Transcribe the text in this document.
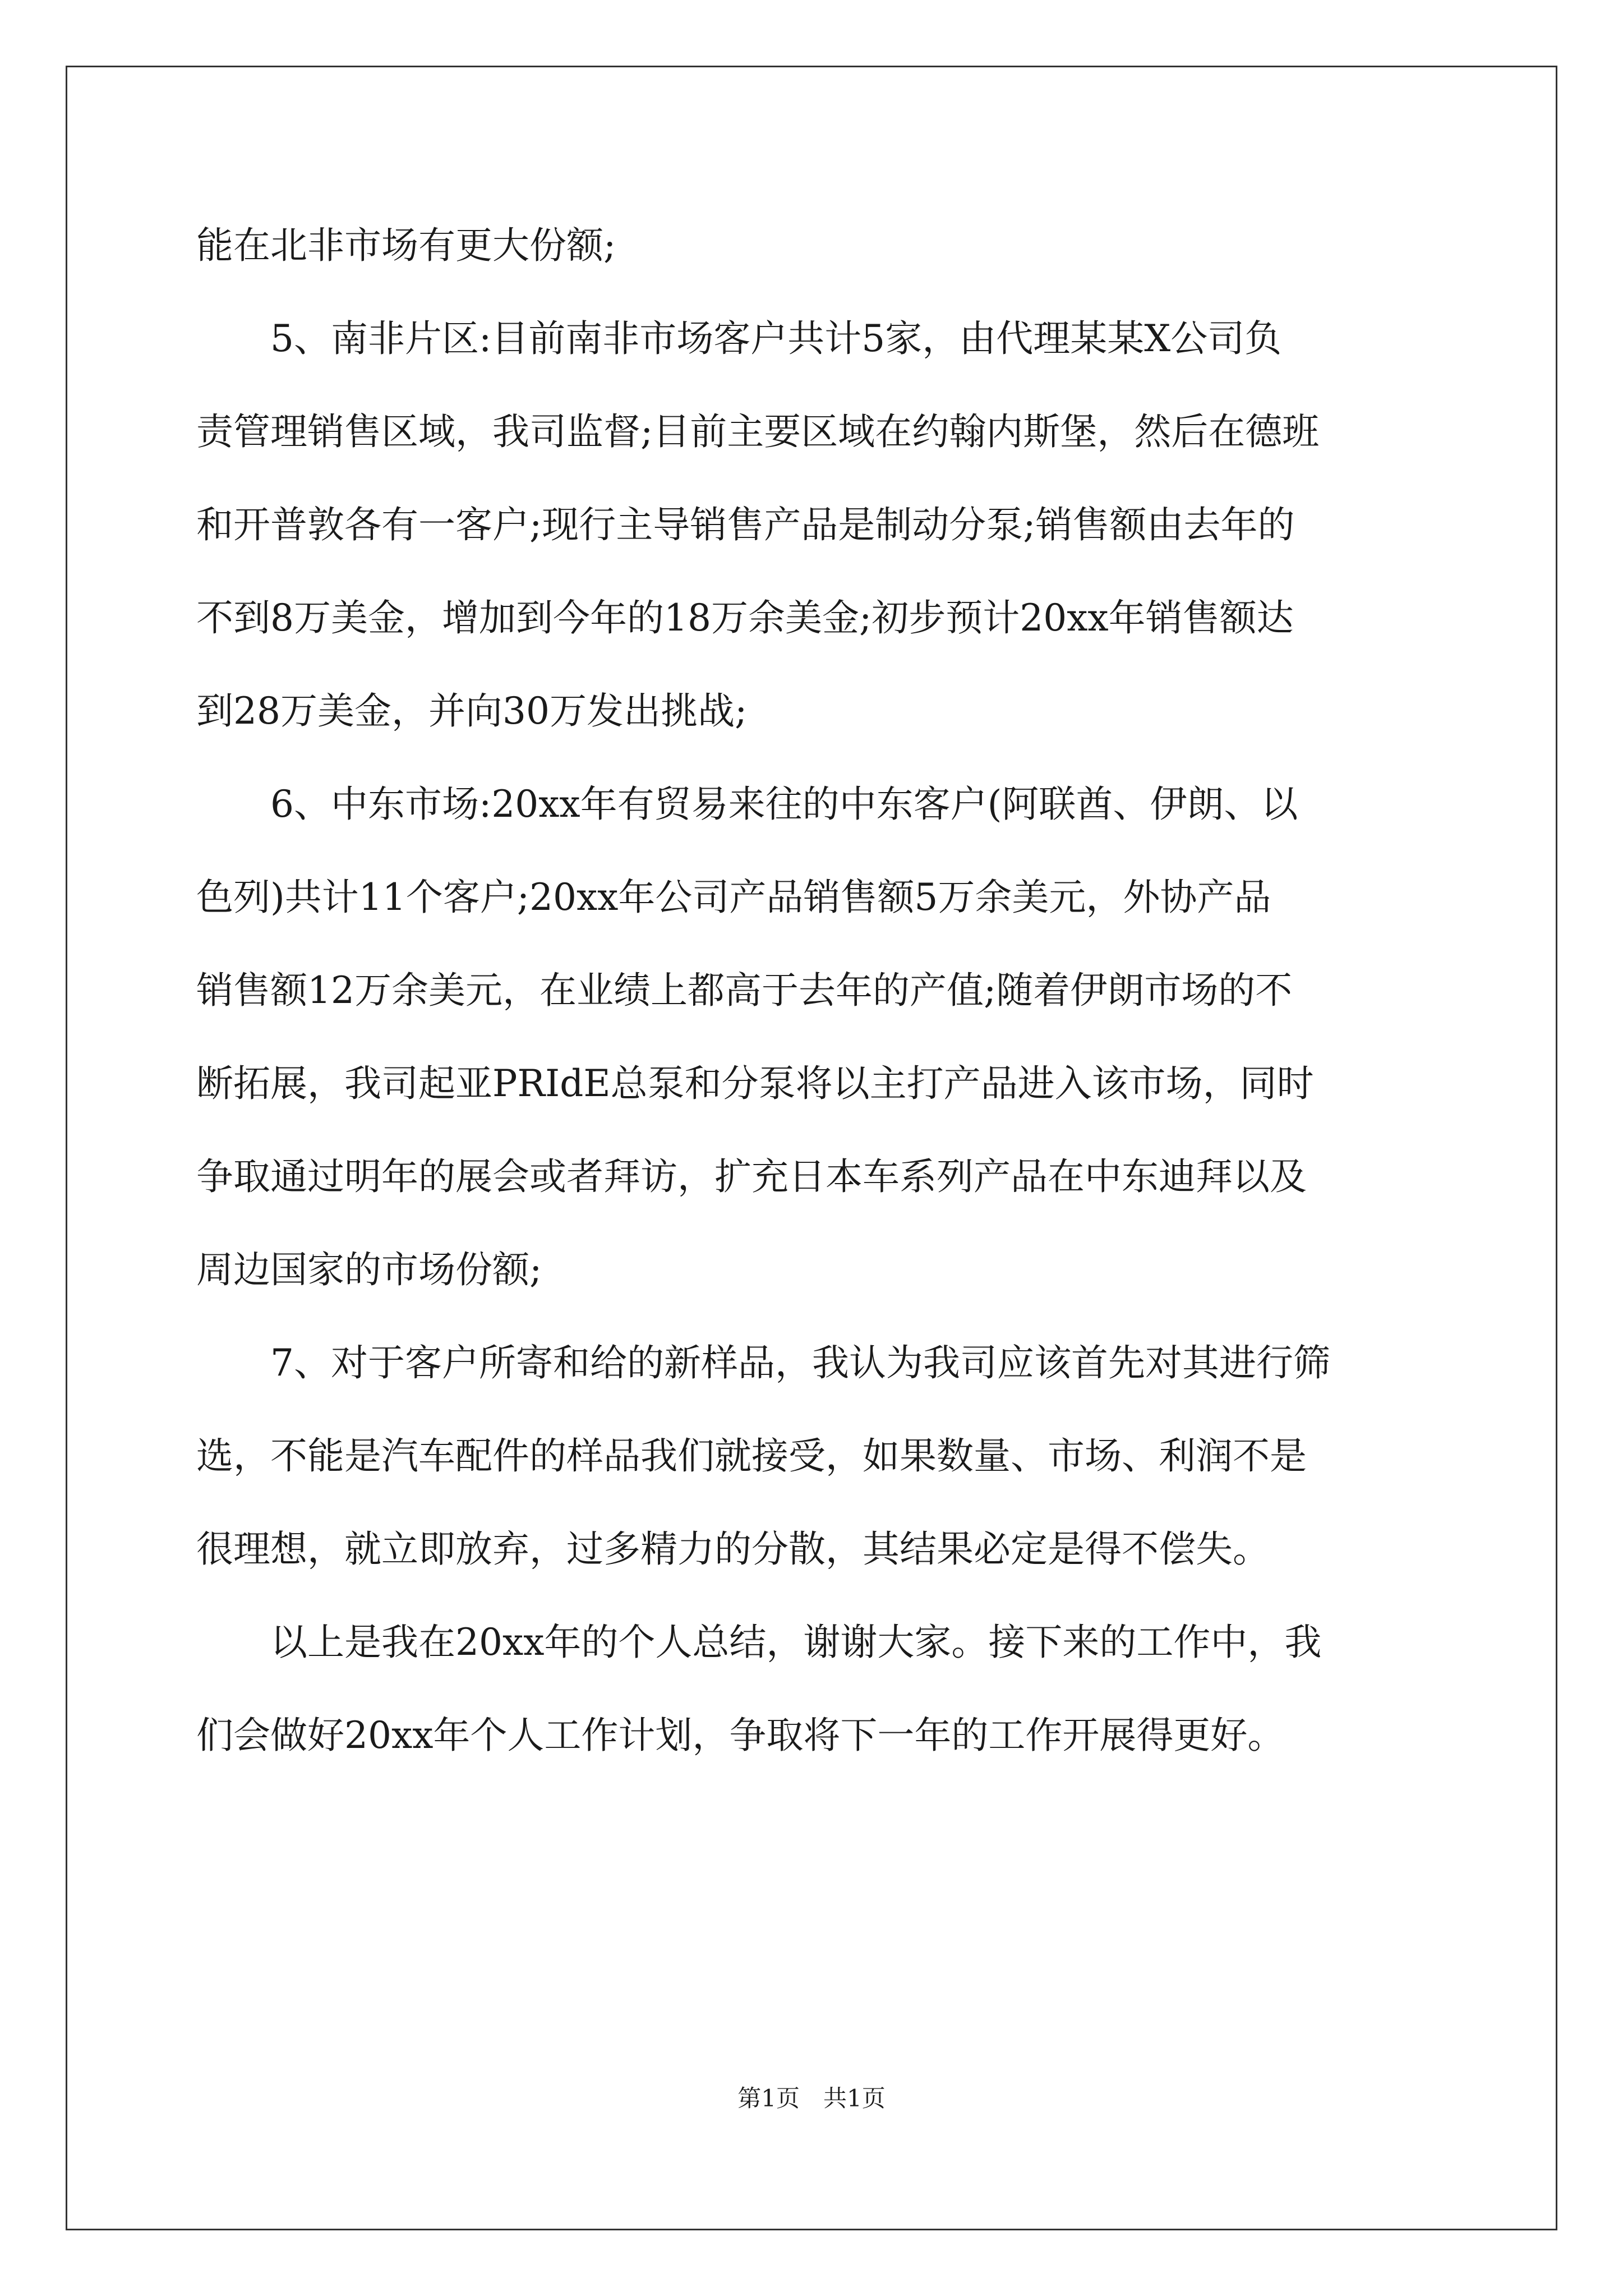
能在北非市场有更大份额;

5、南非片区:目前南非市场客户共计5家，由代理某某X公司负
责管理销售区域，我司监督;目前主要区域在约翰内斯堡，然后在德班
和开普敦各有一客户;现行主导销售产品是制动分泵;销售额由去年的
不到8万美金，增加到今年的18万余美金;初步预计20xx年销售额达
到28万美金，并向30万发出挑战;

6、中东市场:20xx年有贸易来往的中东客户(阿联酋、伊朗、以
色列)共计11个客户;20xx年公司产品销售额5万余美元，外协产品
销售额12万余美元，在业绩上都高于去年的产值;随着伊朗市场的不
断拓展，我司起亚PRIdE总泵和分泵将以主打产品进入该市场，同时
争取通过明年的展会或者拜访，扩充日本车系列产品在中东迪拜以及
周边国家的市场份额;

7、对于客户所寄和给的新样品，我认为我司应该首先对其进行筛
选，不能是汽车配件的样品我们就接受，如果数量、市场、利润不是
很理想，就立即放弃，过多精力的分散，其结果必定是得不偿失。

以上是我在20xx年的个人总结，谢谢大家。接下来的工作中，我
们会做好20xx年个人工作计划，争取将下一年的工作开展得更好。

第1页　共1页
